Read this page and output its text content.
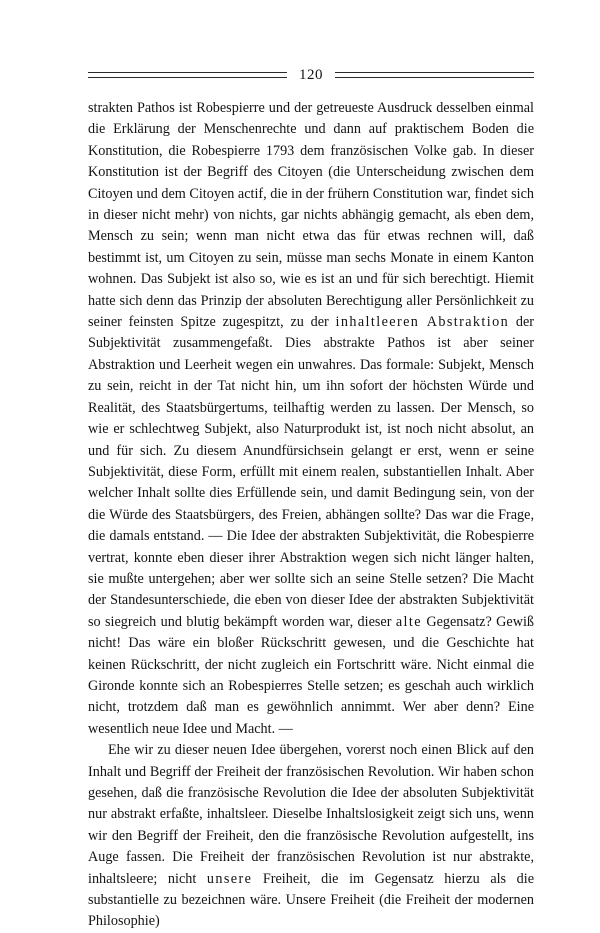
120

strakten Pathos ist Robespierre und der getreueste Ausdruck desselben einmal die Erklärung der Menschenrechte und dann auf praktischem Boden die Konstitution, die Robespierre 1793 dem französischen Volke gab. In dieser Konstitution ist der Begriff des Citoyen (die Unterscheidung zwischen dem Citoyen und dem Citoyen actif, die in der frühern Constitution war, findet sich in dieser nicht mehr) von nichts, gar nichts abhängig gemacht, als eben dem, Mensch zu sein; wenn man nicht etwa das für etwas rechnen will, daß bestimmt ist, um Citoyen zu sein, müsse man sechs Monate in einem Kanton wohnen. Das Subjekt ist also so, wie es ist an und für sich berechtigt. Hiemit hatte sich denn das Prinzip der absoluten Berechtigung aller Persönlichkeit zu seiner feinsten Spitze zugespitzt, zu der inhaltleeren Abstraktion der Subjektivität zusammengefaßt. Dies abstrakte Pathos ist aber seiner Abstraktion und Leerheit wegen ein unwahres. Das formale: Subjekt, Mensch zu sein, reicht in der Tat nicht hin, um ihn sofort der höchsten Würde und Realität, des Staatsbürgertums, teilhaftig werden zu lassen. Der Mensch, so wie er schlechtweg Subjekt, also Naturprodukt ist, ist noch nicht absolut, an und für sich. Zu diesem Anundfürsichsein gelangt er erst, wenn er seine Subjektivität, diese Form, erfüllt mit einem realen, substantiellen Inhalt. Aber welcher Inhalt sollte dies Erfüllende sein, und damit Bedingung sein, von der die Würde des Staatsbürgers, des Freien, abhängen sollte? Das war die Frage, die damals entstand. — Die Idee der abstrakten Subjektivität, die Robespierre vertrat, konnte eben dieser ihrer Abstraktion wegen sich nicht länger halten, sie mußte untergehen; aber wer sollte sich an seine Stelle setzen? Die Macht der Standesunterschiede, die eben von dieser Idee der abstrakten Subjektivität so siegreich und blutig bekämpft worden war, dieser alte Gegensatz? Gewiß nicht! Das wäre ein bloßer Rückschritt gewesen, und die Geschichte hat keinen Rückschritt, der nicht zugleich ein Fortschritt wäre. Nicht einmal die Gironde konnte sich an Robespierres Stelle setzen; es geschah auch wirklich nicht, trotzdem daß man es gewöhnlich annimmt. Wer aber denn? Eine wesentlich neue Idee und Macht. —

Ehe wir zu dieser neuen Idee übergehen, vorerst noch einen Blick auf den Inhalt und Begriff der Freiheit der französischen Revolution. Wir haben schon gesehen, daß die französische Revolution die Idee der absoluten Subjektivität nur abstrakt erfaßte, inhaltsleer. Dieselbe Inhaltslosigkeit zeigt sich uns, wenn wir den Begriff der Freiheit, den die französische Revolution aufgestellt, ins Auge fassen. Die Freiheit der französischen Revolution ist nur abstrakte, inhaltsleere; nicht unsere Freiheit, die im Gegensatz hierzu als die substantielle zu bezeichnen wäre. Unsere Freiheit (die Freiheit der modernen Philosophie)
